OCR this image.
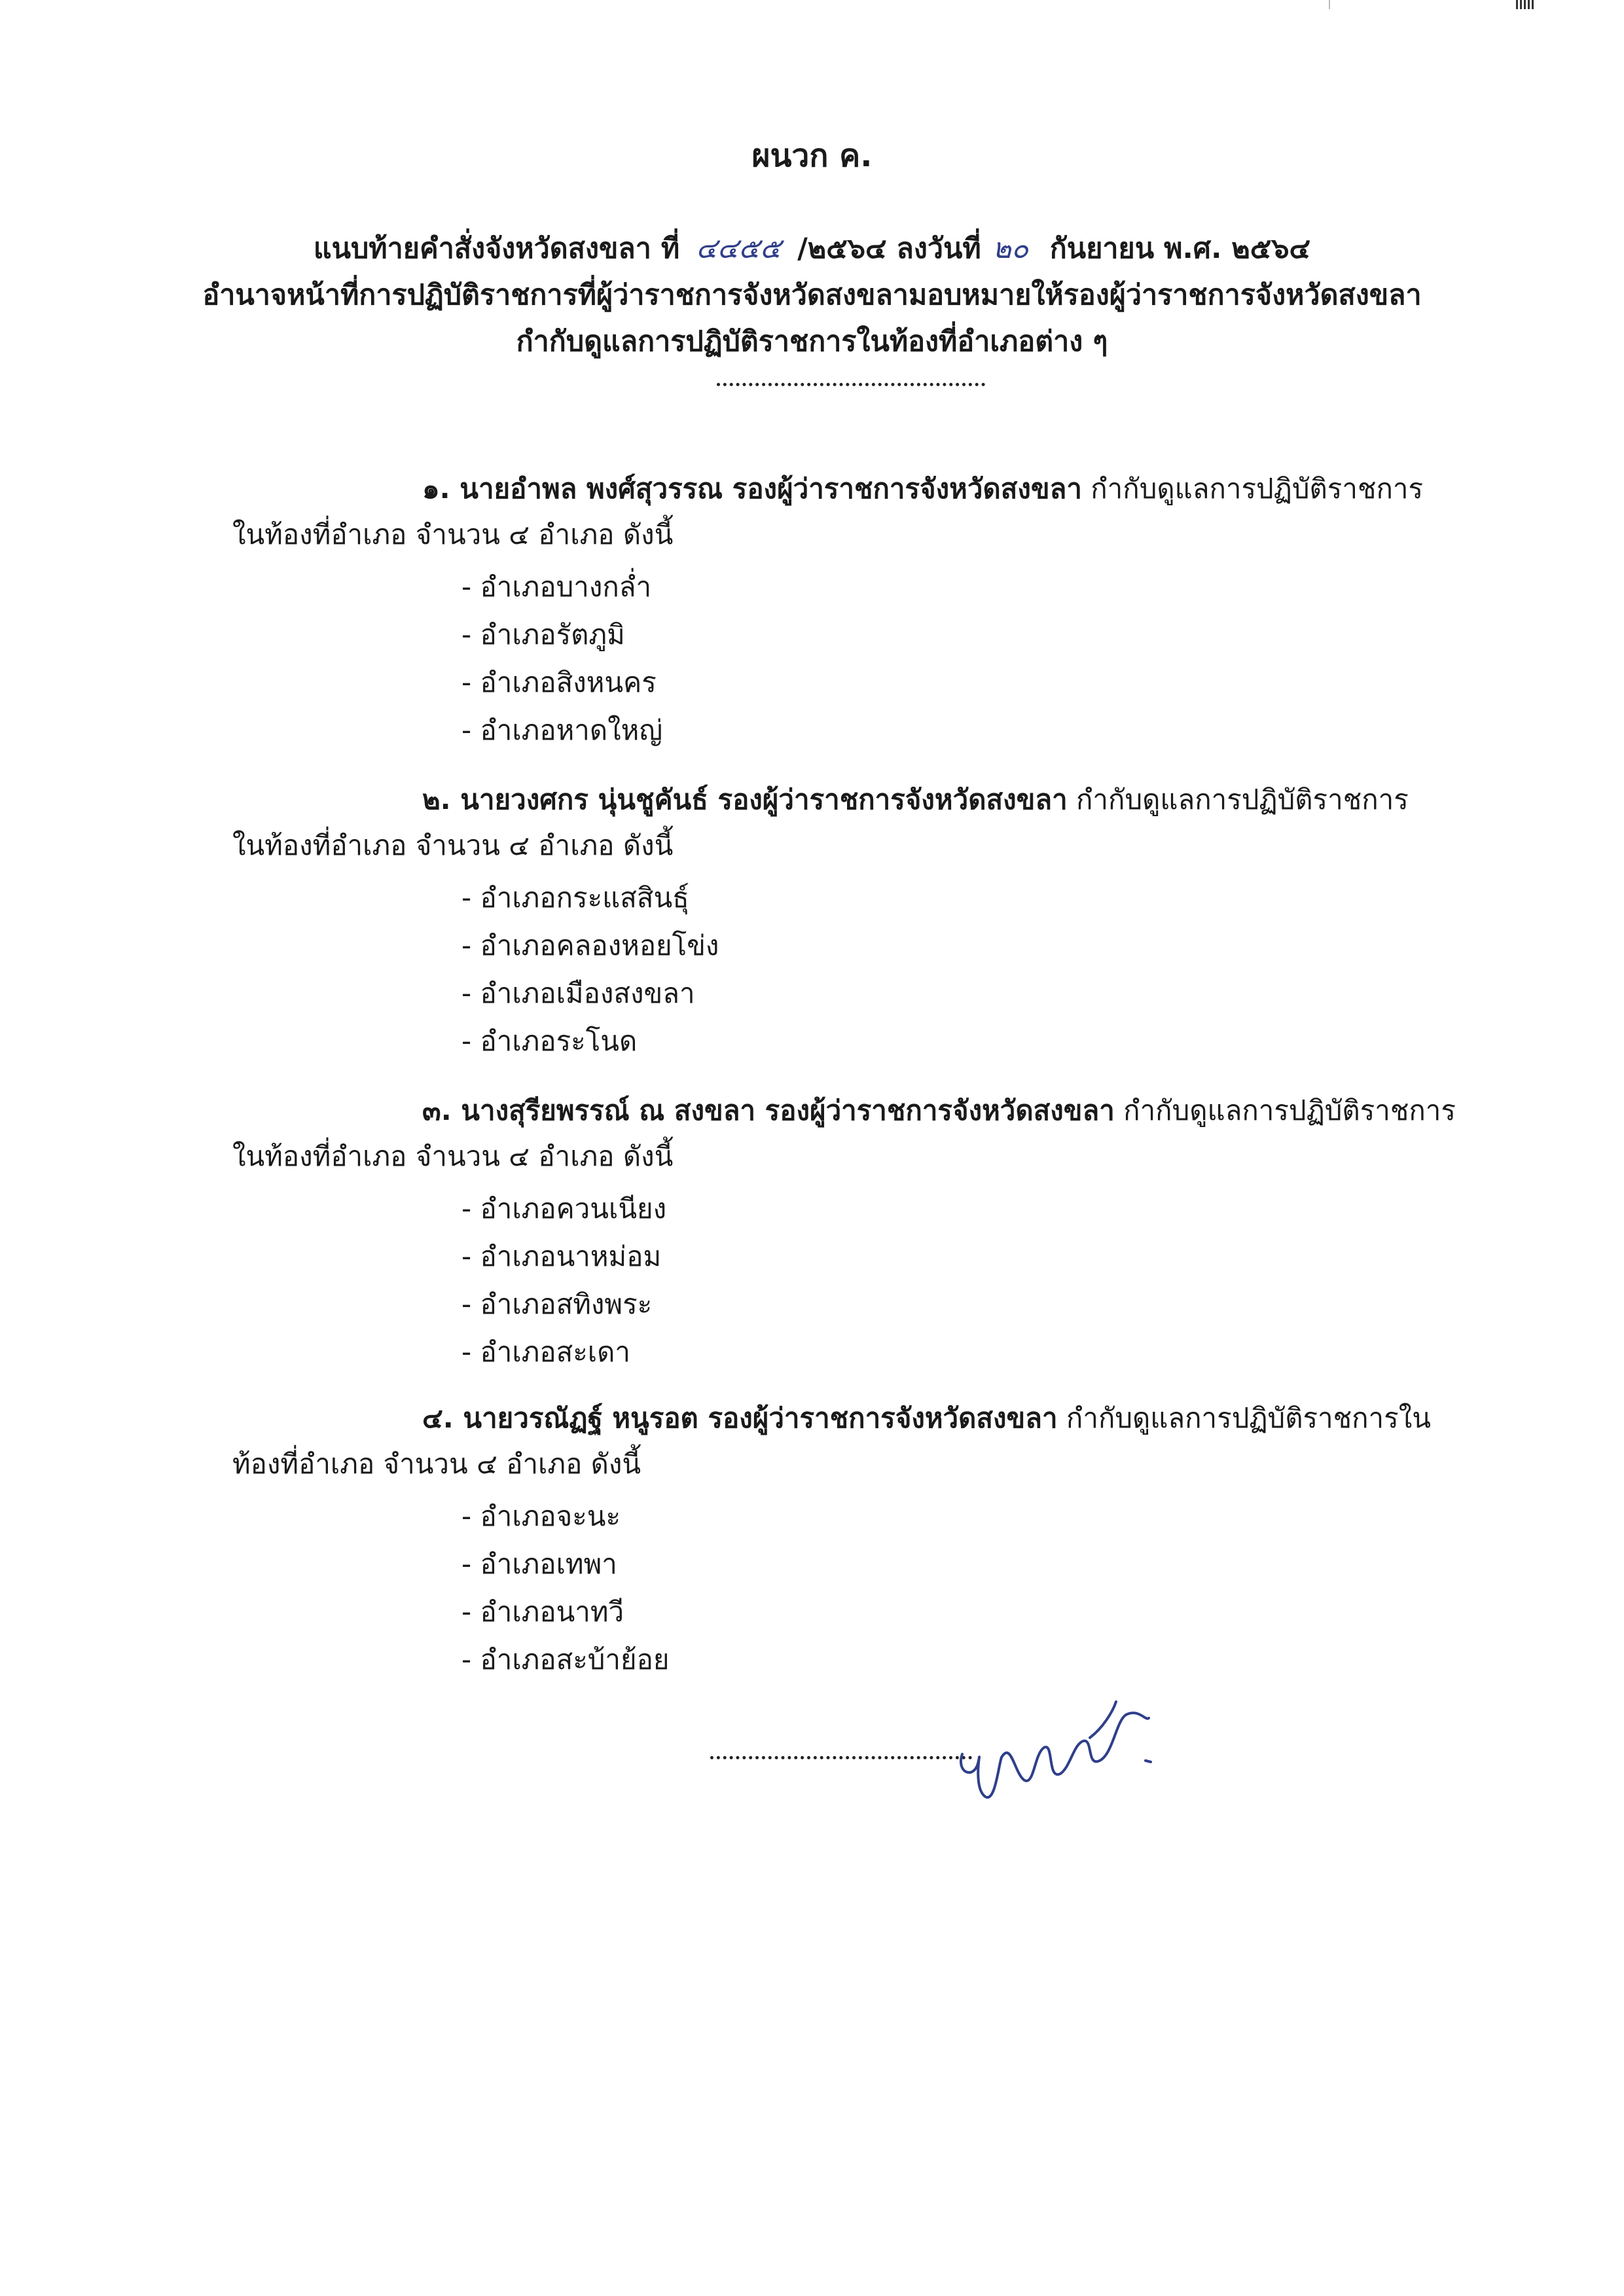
ผนวก ค.
แนบท้ายคำสั่งจังหวัดสงขลา ที่ ๔๔๕๕ /๒๕๖๔ ลงวันที่ ๒๐ กันยายน พ.ศ. ๒๕๖๔
อำนาจหน้าที่การปฏิบัติราชการที่ผู้ว่าราชการจังหวัดสงขลามอบหมายให้รองผู้ว่าราชการจังหวัดสงขลา
กำกับดูแลการปฏิบัติราชการในท้องที่อำเภอต่าง ๆ
๑. นายอำพล พงศ์สุวรรณ รองผู้ว่าราชการจังหวัดสงขลา กำกับดูแลการปฏิบัติราชการ
ในท้องที่อำเภอ จำนวน ๔ อำเภอ ดังนี้
- อำเภอบางกล่ำ
- อำเภอรัตภูมิ
- อำเภอสิงหนคร
- อำเภอหาดใหญ่
๒. นายวงศกร นุ่นชูคันธ์ รองผู้ว่าราชการจังหวัดสงขลา กำกับดูแลการปฏิบัติราชการ
ในท้องที่อำเภอ จำนวน ๔ อำเภอ ดังนี้
- อำเภอกระแสสินธุ์
- อำเภอคลองหอยโข่ง
- อำเภอเมืองสงขลา
- อำเภอระโนด
๓. นางสุรียพรรณ์ ณ สงขลา รองผู้ว่าราชการจังหวัดสงขลา กำกับดูแลการปฏิบัติราชการ
ในท้องที่อำเภอ จำนวน ๔ อำเภอ ดังนี้
- อำเภอควนเนียง
- อำเภอนาหม่อม
- อำเภอสทิงพระ
- อำเภอสะเดา
๔. นายวรณัฏฐ์ หนูรอต รองผู้ว่าราชการจังหวัดสงขลา กำกับดูแลการปฏิบัติราชการใน
ท้องที่อำเภอ จำนวน ๔ อำเภอ ดังนี้
- อำเภอจะนะ
- อำเภอเทพา
- อำเภอนาทวี
- อำเภอสะบ้าย้อย
